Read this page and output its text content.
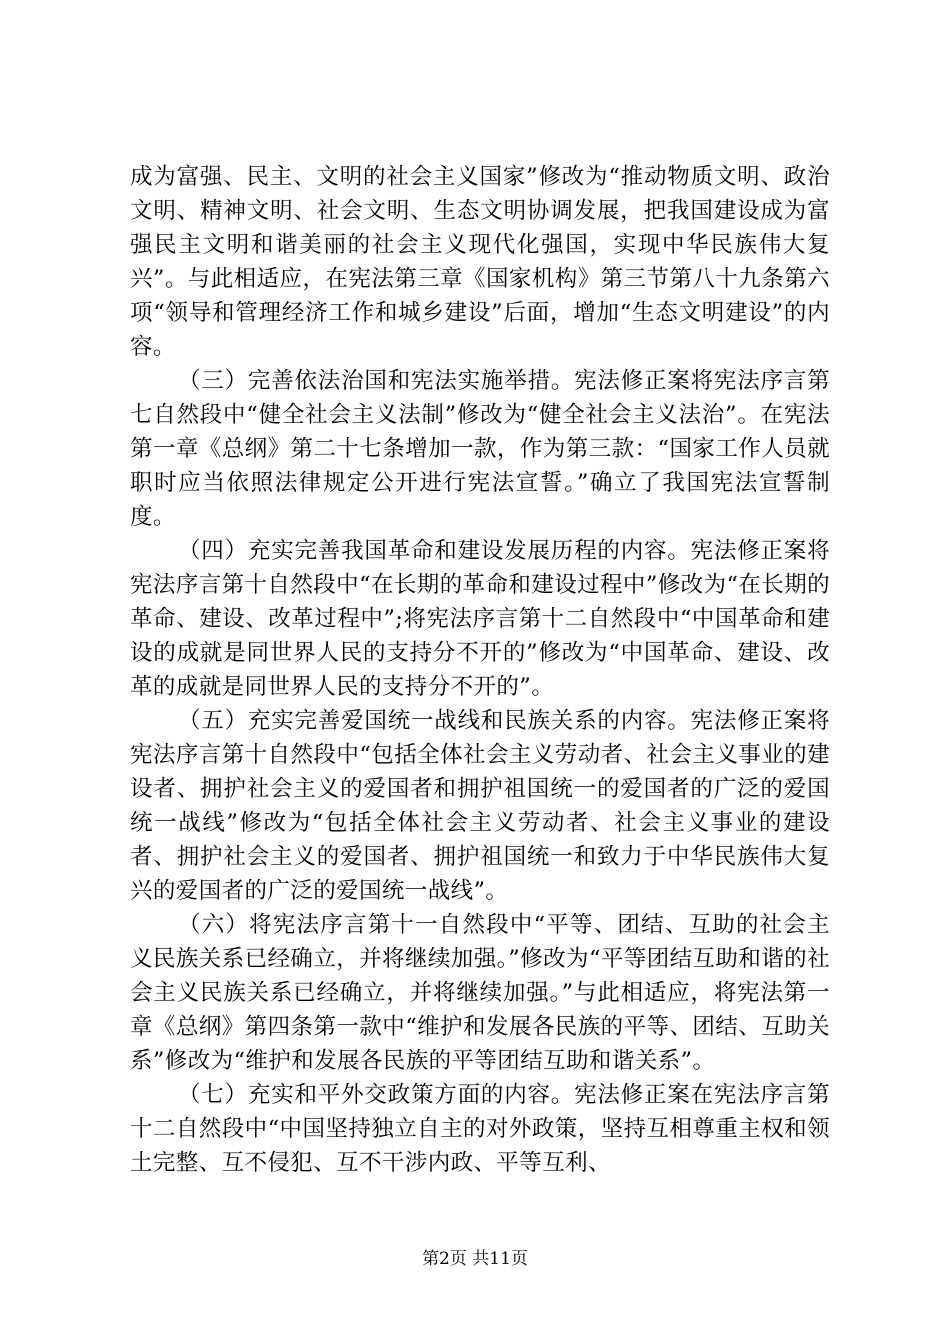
成为富强、民主、文明的社会主义国家”修改为“推动物质文明、政治文明、精神文明、社会文明、生态文明协调发展，把我国建设成为富强民主文明和谐美丽的社会主义现代化强国，实现中华民族伟大复兴”。与此相适应，在宪法第三章《国家机构》第三节第八十九条第六项“领导和管理经济工作和城乡建设”后面，增加“生态文明建设”的内容。

（三）完善依法治国和宪法实施举措。宪法修正案将宪法序言第七自然段中“健全社会主义法制”修改为“健全社会主义法治”。在宪法第一章《总纲》第二十七条增加一款，作为第三款：“国家工作人员就职时应当依照法律规定公开进行宪法宣誓。”确立了我国宪法宣誓制度。

（四）充实完善我国革命和建设发展历程的内容。宪法修正案将宪法序言第十自然段中“在长期的革命和建设过程中”修改为“在长期的革命、建设、改革过程中”;将宪法序言第十二自然段中“中国革命和建设的成就是同世界人民的支持分不开的”修改为“中国革命、建设、改革的成就是同世界人民的支持分不开的”。

（五）充实完善爱国统一战线和民族关系的内容。宪法修正案将宪法序言第十自然段中“包括全体社会主义劳动者、社会主义事业的建设者、拥护社会主义的爱国者和拥护祖国统一的爱国者的广泛的爱国统一战线”修改为“包括全体社会主义劳动者、社会主义事业的建设者、拥护社会主义的爱国者、拥护祖国统一和致力于中华民族伟大复兴的爱国者的广泛的爱国统一战线”。

（六）将宪法序言第十一自然段中“平等、团结、互助的社会主义民族关系已经确立，并将继续加强。”修改为“平等团结互助和谐的社会主义民族关系已经确立，并将继续加强。”与此相适应，将宪法第一章《总纲》第四条第一款中“维护和发展各民族的平等、团结、互助关系”修改为“维护和发展各民族的平等团结互助和谐关系”。

（七）充实和平外交政策方面的内容。宪法修正案在宪法序言第十二自然段中“中国坚持独立自主的对外政策，坚持互相尊重主权和领土完整、互不侵犯、互不干涉内政、平等互利、

第2页 共11页
